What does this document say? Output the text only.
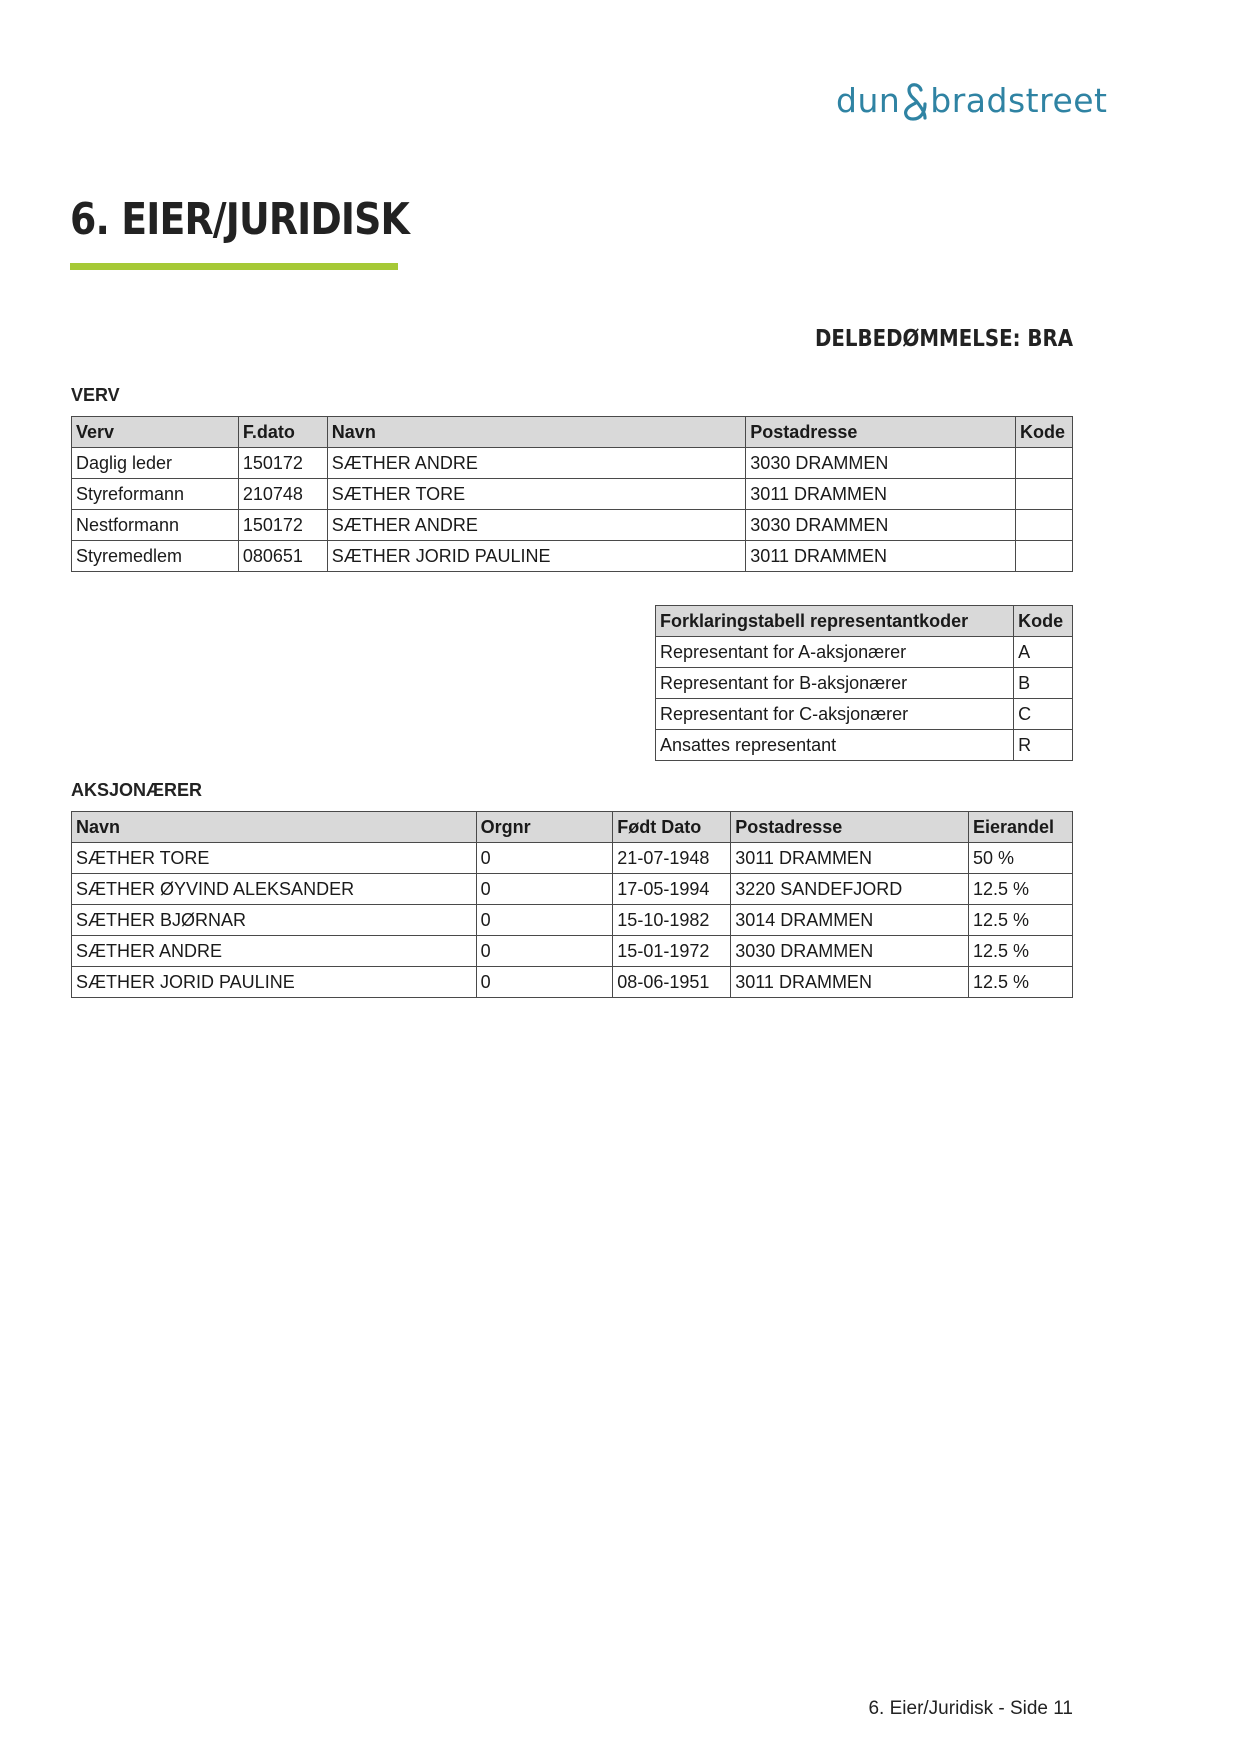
dun bradstreet
6. EIER/JURIDISK
DELBEDØMMELSE: BRA

VERV

Verv	F.dato	Navn	Postadresse	Kode
Daglig leder	150172	SÆTHER ANDRE	3030 DRAMMEN	
Styreformann	210748	SÆTHER TORE	3011 DRAMMEN	
Nestformann	150172	SÆTHER ANDRE	3030 DRAMMEN	
Styremedlem	080651	SÆTHER JORID PAULINE	3011 DRAMMEN	
Forklaringstabell representantkoder	Kode
Representant for A-aksjonærer	A
Representant for B-aksjonærer	B
Representant for C-aksjonærer	C
Ansattes representant	R

AKSJONÆRER

Navn	Orgnr	Født Dato	Postadresse	Eierandel
SÆTHER TORE	0	21-07-1948	3011 DRAMMEN	50 %
SÆTHER ØYVIND ALEKSANDER	0	17-05-1994	3220 SANDEFJORD	12.5 %
SÆTHER BJØRNAR	0	15-10-1982	3014 DRAMMEN	12.5 %
SÆTHER ANDRE	0	15-01-1972	3030 DRAMMEN	12.5 %
SÆTHER JORID PAULINE	0	08-06-1951	3011 DRAMMEN	12.5 %

6. Eier/Juridisk - Side 11
